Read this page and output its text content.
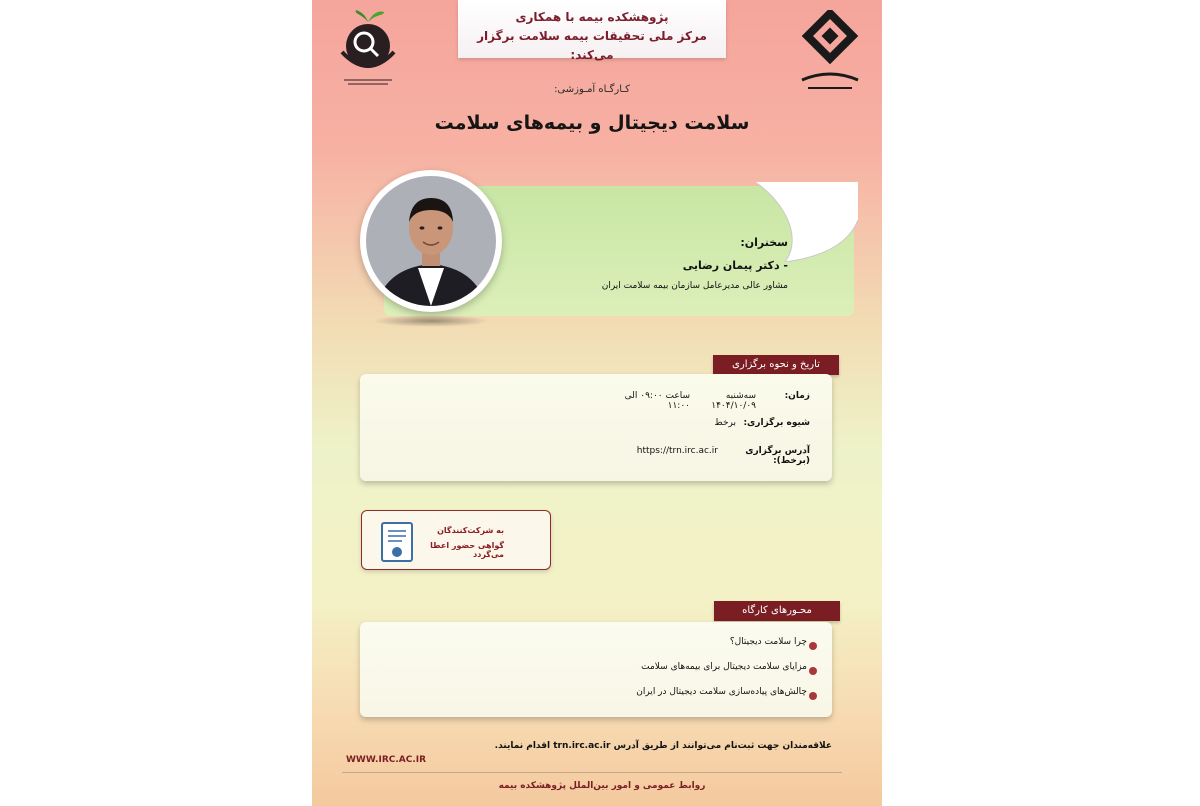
پژوهشکده بیمه با همکاری
مرکز ملی تحقیقات بیمه سلامت برگزار می‌کند:
کـارگـاه آمـوزشی:
سلامت دیجیتال و بیمه‌های سلامت
سخنران:
- دکتر پیمان رضایی
مشاور عالی مدیرعامل سازمان بیمه سلامت ایران
تاریخ و نحوه برگزاری
زمان:
سه‌شنبه ۱۴۰۴/۱۰/۰۹
ساعت ۰۹:۰۰ الی ۱۱:۰۰
شیوه برگزاری:
برخط
آدرس برگزاری (برخط):
https://trn.irc.ac.ir
به شرکت‌کنندگان
گواهی حضور اعطا می‌گردد
محـورهای کارگاه
چرا سلامت دیجیتال؟
مزایای سلامت دیجیتال برای بیمه‌های سلامت
چالش‌های پیاده‌سازی سلامت دیجیتال در ایران
علاقه‌مندان جهت ثبت‌نام می‌توانند از طریق آدرس trn.irc.ac.ir اقدام نمایند.
WWW.IRC.AC.IR
روابط عمومی و امور بین‌الملل پژوهشکده بیمه
